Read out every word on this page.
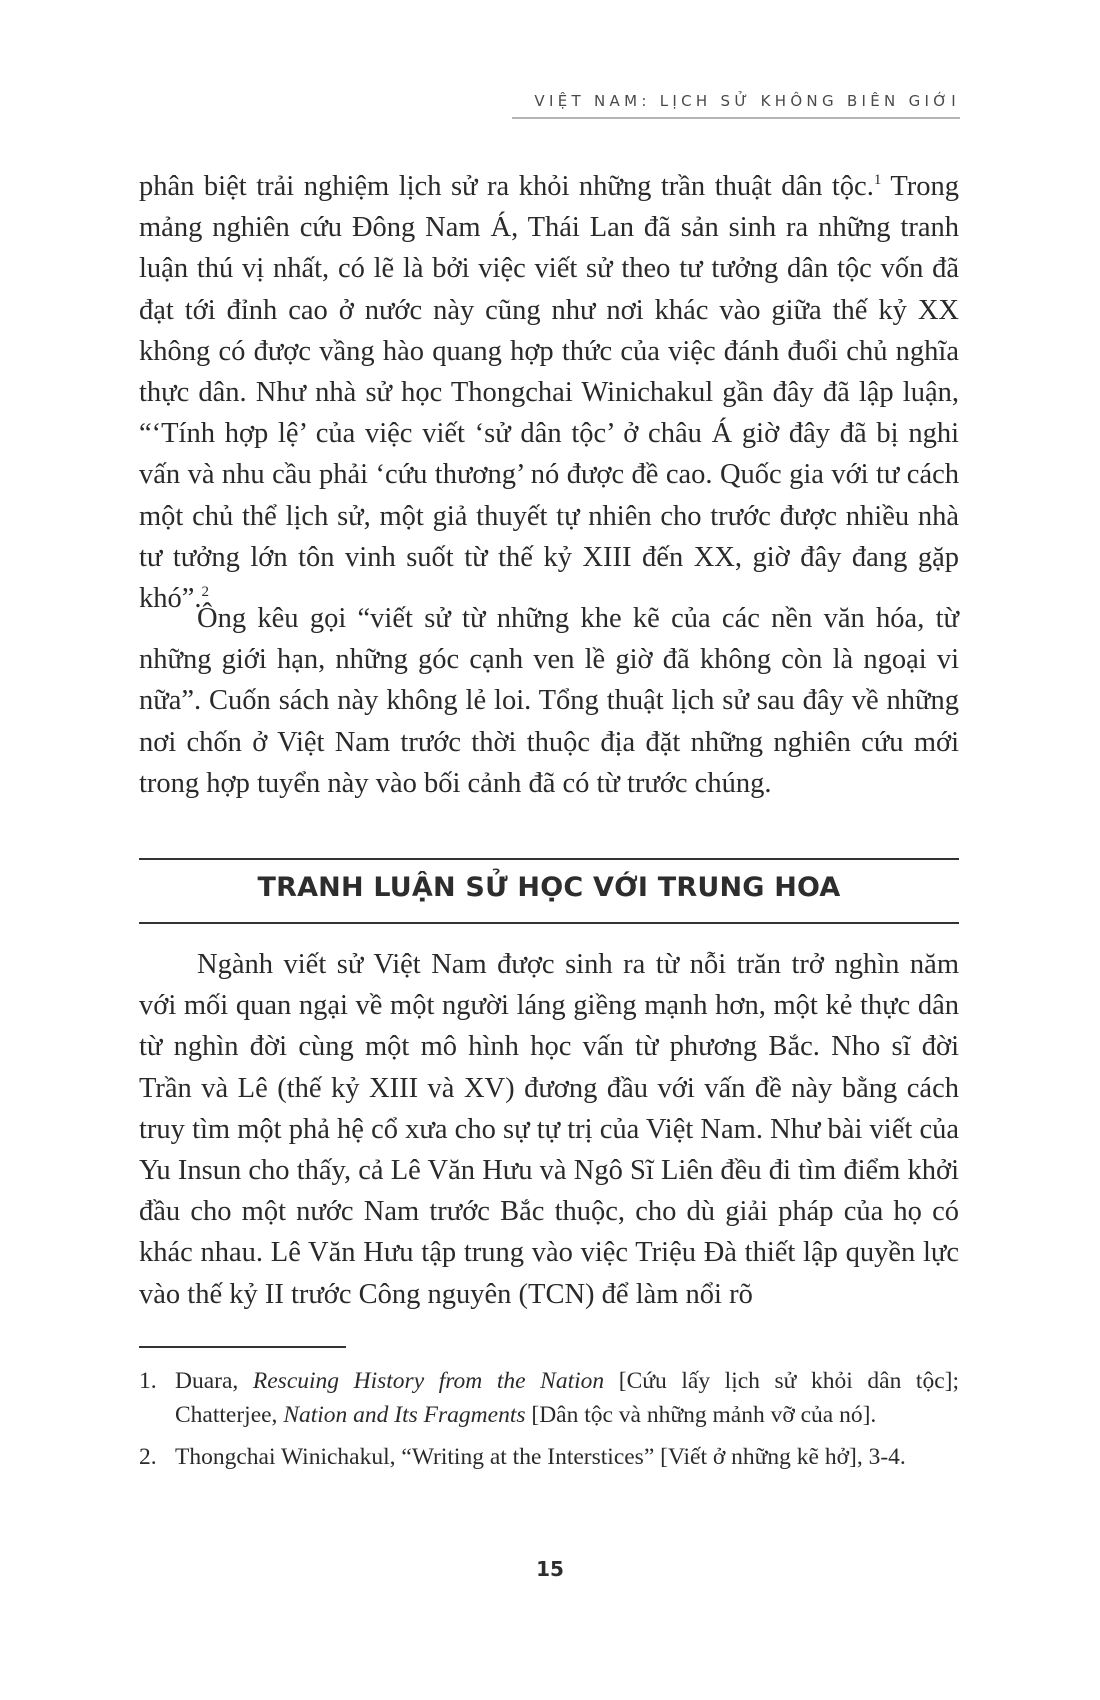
VIỆT NAM: LỊCH SỬ KHÔNG BIÊN GIỚI

phân biệt trải nghiệm lịch sử ra khỏi những trần thuật dân tộc.$^1$ Trong mảng nghiên cứu Đông Nam Á, Thái Lan đã sản sinh ra những tranh luận thú vị nhất, có lẽ là bởi việc viết sử theo tư tưởng dân tộc vốn đã đạt tới đỉnh cao ở nước này cũng như nơi khác vào giữa thế kỷ XX không có được vầng hào quang hợp thức của việc đánh đuổi chủ nghĩa thực dân. Như nhà sử học Thongchai Winichakul gần đây đã lập luận, “‘Tính hợp lệ’ của việc viết ‘sử dân tộc’ ở châu Á giờ đây đã bị nghi vấn và nhu cầu phải ‘cứu thương’ nó được đề cao. Quốc gia với tư cách một chủ thể lịch sử, một giả thuyết tự nhiên cho trước được nhiều nhà tư tưởng lớn tôn vinh suốt từ thế kỷ XIII đến XX, giờ đây đang gặp khó”.$^2$

Ông kêu gọi “viết sử từ những khe kẽ của các nền văn hóa, từ những giới hạn, những góc cạnh ven lề giờ đã không còn là ngoại vi nữa”. Cuốn sách này không lẻ loi. Tổng thuật lịch sử sau đây về những nơi chốn ở Việt Nam trước thời thuộc địa đặt những nghiên cứu mới trong hợp tuyển này vào bối cảnh đã có từ trước chúng.

TRANH LUẬN SỬ HỌC VỚI TRUNG HOA

Ngành viết sử Việt Nam được sinh ra từ nỗi trăn trở nghìn năm với mối quan ngại về một người láng giềng mạnh hơn, một kẻ thực dân từ nghìn đời cùng một mô hình học vấn từ phương Bắc. Nho sĩ đời Trần và Lê (thế kỷ XIII và XV) đương đầu với vấn đề này bằng cách truy tìm một phả hệ cổ xưa cho sự tự trị của Việt Nam. Như bài viết của Yu Insun cho thấy, cả Lê Văn Hưu và Ngô Sĩ Liên đều đi tìm điểm khởi đầu cho một nước Nam trước Bắc thuộc, cho dù giải pháp của họ có khác nhau. Lê Văn Hưu tập trung vào việc Triệu Đà thiết lập quyền lực vào thế kỷ II trước Công nguyên (TCN) để làm nổi rõ

1. Duara, Rescuing History from the Nation [Cứu lấy lịch sử khỏi dân tộc]; Chatterjee, Nation and Its Fragments [Dân tộc và những mảnh vỡ của nó].
2. Thongchai Winichakul, “Writing at the Interstices” [Viết ở những kẽ hở], 3-4.
15
